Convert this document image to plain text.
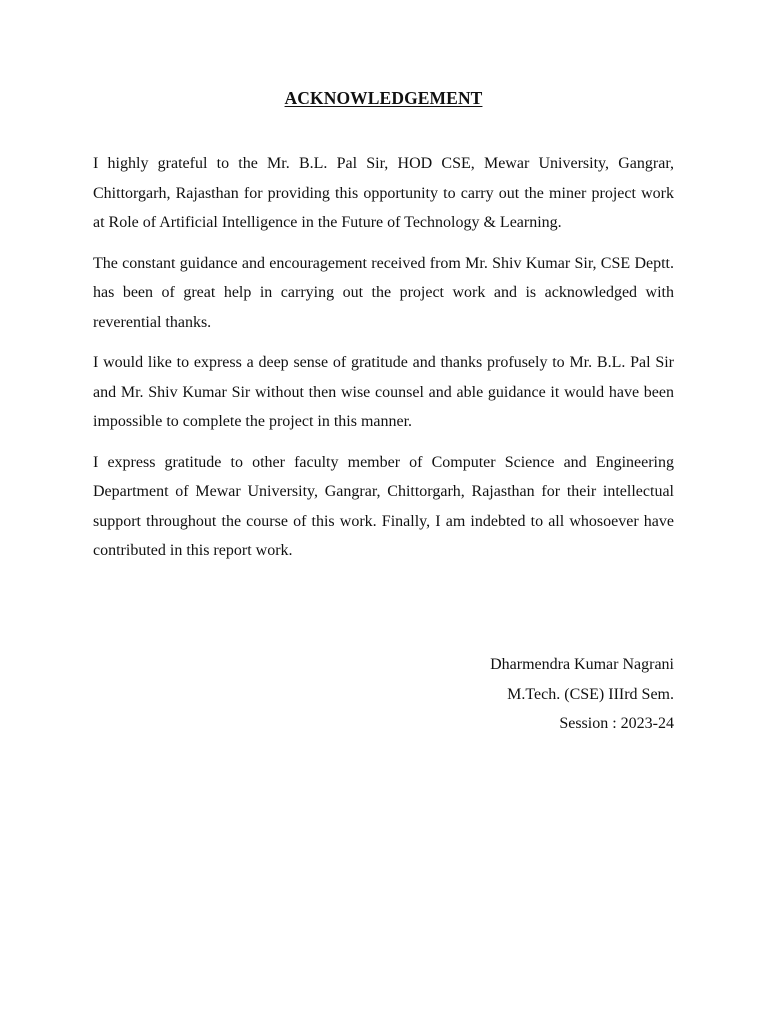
ACKNOWLEDGEMENT

I highly grateful to the Mr. B.L. Pal Sir, HOD CSE, Mewar University, Gangrar, Chittorgarh, Rajasthan for providing this opportunity to carry out the miner project work at Role of Artificial Intelligence in the Future of Technology & Learning.

The constant guidance and encouragement received from Mr. Shiv Kumar Sir, CSE Deptt. has been of great help in carrying out the project work and is acknowledged with reverential thanks.

I would like to express a deep sense of gratitude and thanks profusely to Mr. B.L. Pal Sir and Mr. Shiv Kumar Sir without then wise counsel and able guidance it would have been impossible to complete the project in this manner.

I express gratitude to other faculty member of Computer Science and Engineering Department of Mewar University, Gangrar, Chittorgarh, Rajasthan for their intellectual support throughout the course of this work. Finally, I am indebted to all whosoever have contributed in this report work.

Dharmendra Kumar Nagrani

M.Tech. (CSE) IIIrd Sem.

Session : 2023-24
